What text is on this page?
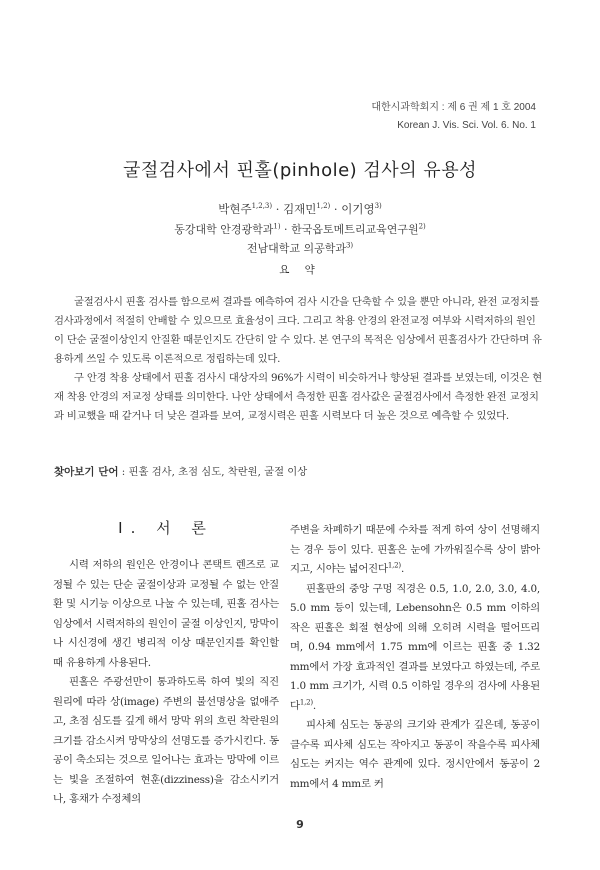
대한시과학회지 : 제 6 권 제 1 호 2004
Korean J. Vis. Sci. Vol. 6. No. 1
굴절검사에서 핀홀(pinhole) 검사의 유용성
박현주$^{1,2,3)}$ · 김재민$^{1,2)}$ · 이기영$^{3)}$
동강대학 안경광학과$^{1)}$ · 한국옵토메트리교육연구원$^{2)}$
전남대학교 의공학과$^{3)}$
요 약

굴절검사시 핀홀 검사를 함으로써 결과를 예측하여 검사 시간을 단축할 수 있을 뿐만 아니라, 완전 교정치를 검사과정에서 적절히 안배할 수 있으므로 효율성이 크다. 그리고 착용 안경의 완전교정 여부와 시력저하의 원인이 단순 굴절이상인지 안질환 때문인지도 간단히 알 수 있다. 본 연구의 목적은 임상에서 핀홀검사가 간단하며 유용하게 쓰일 수 있도록 이론적으로 정립하는데 있다.

구 안경 착용 상태에서 핀홀 검사시 대상자의 96%가 시력이 비슷하거나 향상된 결과를 보였는데, 이것은 현재 착용 안경의 저교정 상태를 의미한다. 나안 상태에서 측정한 핀홀 검사값은 굴절검사에서 측정한 완전 교정치과 비교했을 때 같거나 더 낮은 결과를 보여, 교정시력은 핀홀 시력보다 더 높은 것으로 예측할 수 있었다.

찾아보기 단어 : 핀홀 검사, 초점 심도, 착란원, 굴절 이상
I. 서 론

시력 저하의 원인은 안경이나 콘택트 렌즈로 교정될 수 있는 단순 굴절이상과 교정될 수 없는 안질환 및 시기능 이상으로 나눌 수 있는데, 핀홀 검사는 임상에서 시력저하의 원인이 굴절 이상인지, 망막이나 시신경에 생긴 병리적 이상 때문인지를 확인할 때 유용하게 사용된다.

핀홀은 주광선만이 통과하도록 하여 빛의 직진 원리에 따라 상(image) 주변의 불선명상을 없애주고, 초점 심도를 깊게 해서 망막 위의 흐린 착란원의 크기를 감소시켜 망막상의 선명도를 증가시킨다. 동공이 축소되는 것으로 일어나는 효과는 망막에 이르는 빛을 조절하여 현훈(dizziness)을 감소시키거나, 홍채가 수정체의

주변을 차폐하기 때문에 수차를 적게 하여 상이 선명해지는 경우 등이 있다. 핀홀은 눈에 가까워질수록 상이 밝아지고, 시야는 넓어진다$^{1,2)}$.

핀홀판의 중앙 구멍 직경은 0.5, 1.0, 2.0, 3.0, 4.0, 5.0 mm 등이 있는데, Lebensohn은 0.5 mm 이하의 작은 핀홀은 회절 현상에 의해 오히려 시력을 떨어뜨리며, 0.94 mm에서 1.75 mm에 이르는 핀홀 중 1.32 mm에서 가장 효과적인 결과를 보였다고 하였는데, 주로 1.0 mm 크기가, 시력 0.5 이하일 경우의 검사에 사용된다$^{1,2)}$.

피사체 심도는 동공의 크기와 관계가 깊은데, 동공이 클수록 피사체 심도는 작아지고 동공이 작을수록 피사체 심도는 커지는 역수 관계에 있다. 정시안에서 동공이 2 mm에서 4 mm로 커

9
